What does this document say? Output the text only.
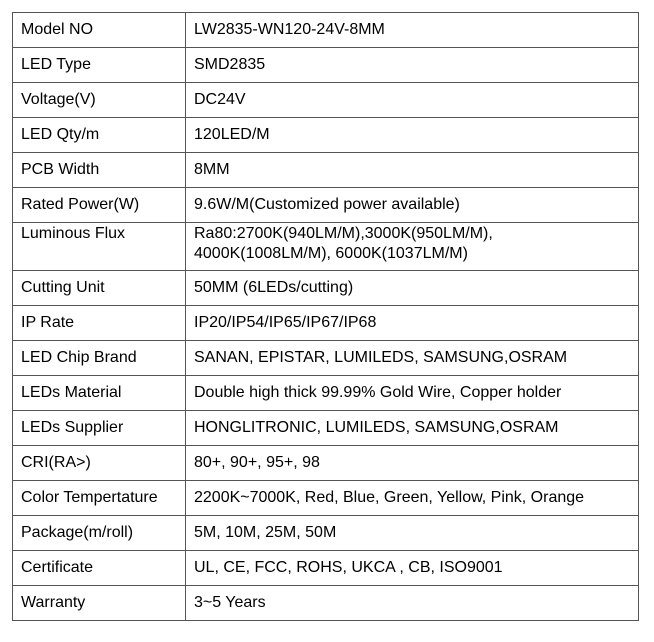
Model NO	LW2835-WN120-24V-8MM
LED Type	SMD2835
Voltage(V)	DC24V
LED Qty/m	120LED/M
PCB Width	8MM
Rated Power(W)	9.6W/M(Customized power available)
Luminous Flux	Ra80:2700K(940LM/M),3000K(950LM/M),
4000K(1008LM/M), 6000K(1037LM/M)

Cutting Unit	50MM (6LEDs/cutting)
IP Rate	IP20/IP54/IP65/IP67/IP68
LED Chip Brand	SANAN, EPISTAR, LUMILEDS, SAMSUNG,OSRAM
LEDs Material	Double high thick 99.99% Gold Wire, Copper holder
LEDs Supplier	HONGLITRONIC, LUMILEDS, SAMSUNG,OSRAM
CRI(RA>)	80+, 90+, 95+, 98
Color Tempertature	2200K~7000K, Red, Blue, Green, Yellow, Pink, Orange
Package(m/roll)	5M, 10M, 25M, 50M
Certificate	UL, CE, FCC, ROHS, UKCA , CB, ISO9001
Warranty	3~5 Years
